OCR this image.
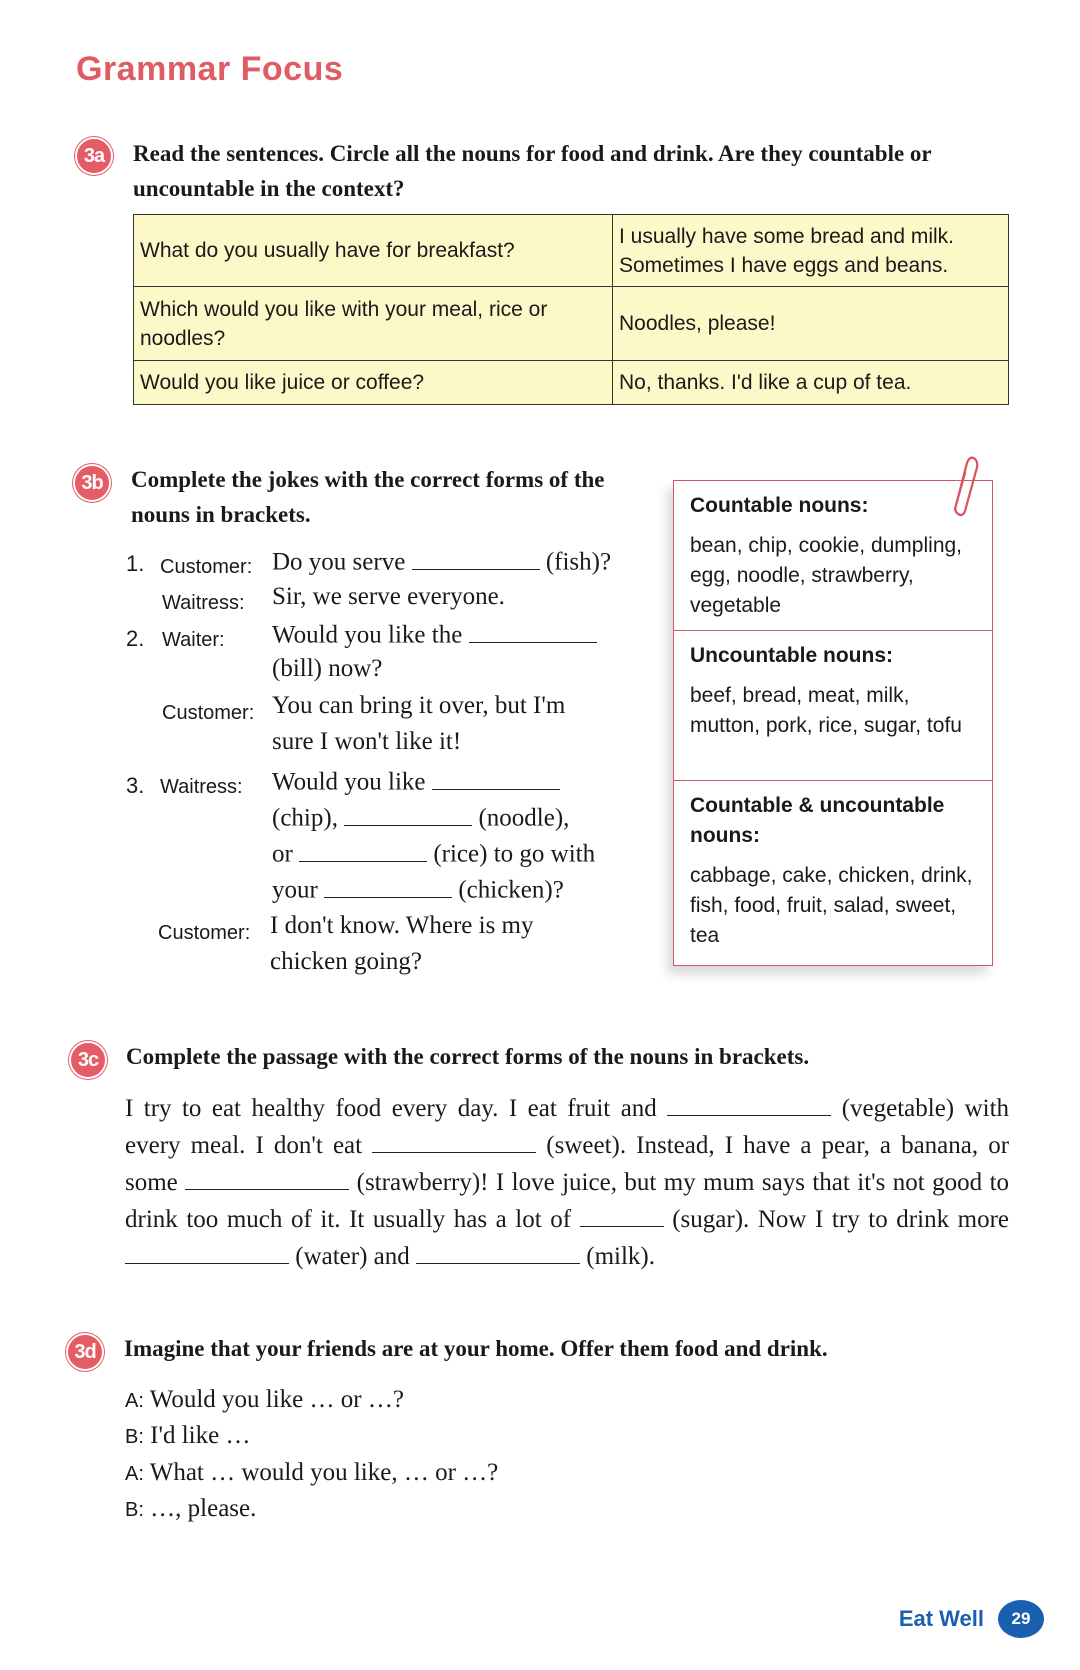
Grammar Focus
3a	Read the sentences. Circle all the nouns for food and drink. Are they countable or uncountable in the context?

What do you usually have for breakfast?	I usually have some bread and milk. Sometimes I have eggs and beans.
Which would you like with your meal, rice or noodles?	Noodles, please!
Would you like juice or coffee?	No, thanks. I'd like a cup of tea.
3b	Complete the jokes with the correct forms of the nouns in brackets.

1. Customer: Do you serve	(fish)?
Waitress: Sir, we serve everyone.
2. Waiter: Would you like the
(bill) now?
Customer: You can bring it over, but I'm
sure I won't like it!
3. Waitress: Would you like
(chip),	(noodle),
or	(rice) to go with
your	(chicken)?
Customer: I don't know. Where is my
chicken going?
Countable nouns:
bean, chip, cookie, dumpling, egg, noodle, strawberry, vegetable
Uncountable nouns:
beef, bread, meat, milk, mutton, pork, rice, sugar, tofu
Countable & uncountable nouns:
cabbage, cake, chicken, drink, fish, food, fruit, salad, sweet, tea
3c	Complete the passage with the correct forms of the nouns in brackets.

I try to eat healthy food every day. I eat fruit and	(vegetable) with every meal. I don't eat	(sweet). Instead, I have a pear, a banana, or some	(strawberry)! I love juice, but my mum says that it's not good to drink too much of it. It usually has a lot of	(sugar). Now I try to drink more  (water) and	(milk).

3d	Imagine that your friends are at your home. Offer them food and drink.

A: Would you like … or …?
B: I'd like …
A: What … would you like, … or …?
B: …, please.
Eat Well	29
